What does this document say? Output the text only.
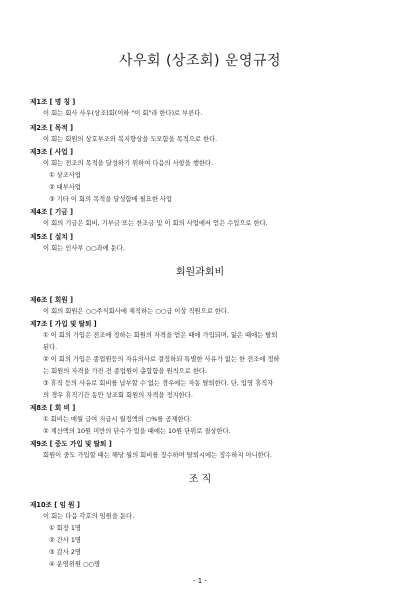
사우회 (상조회) 운영규정
제1조 [ 명 칭 ]
이 회는 회사 사우(상조)회(이하 "이 회"라 한다)로 부른다.
제2조 [ 목적 ]
이 회는 회원의 상호부조와 복지향상을 도모함을 목적으로 한다.
제3조 [ 사업 ]
이 회는 전조의 목적을 달성하기 위하여 다음의 사항을 행한다.
① 상조사업
② 대부사업
③ 기타 이 회의 목적을 달성함에 필요한 사업
제4조 [ 기금 ]
이 회의 기금은 회비, 기부금 또는 찬조금 및 이 회의 사업에서 얻은 수입으로 한다.
제5조 [ 설치 ]
이 회는 인사부 ○○과에 둔다.
회원과회비
제6조 [ 회원 ]
이 회의 회원은 ○○주식회사에 재직하는 ○○급 이상 직원으로 한다.
제7조 [ 가입 및 탈퇴 ]
① 이 회의 가입은 전조에 정하는 회원의 자격을 얻은 때에 가입되며, 잃은 때에는 탈퇴
된다.
② 이 회의 가입은 종업원등의 자유의사로 결정하되 특별한 사유가 없는 한 전조에 정하
는 회원의 자격을 가진 전 종업원이 총합함을 원칙으로 한다.
③ 휴직 등의 사유로 회비를 납부할 수 없는 경우에는 자동 탈퇴한다. 단, 입영 휴직자
의 경우 휴직기간 동안 상조회 회원의 자격을 정지한다.
제8조 [ 회 비 ]
① 회비는 매월 급여 지급시 월정액의 ○%를 공제한다.
② 계산액의 10원 미만의 단수가 있을 때에는 10원 단위로 절상한다.
제9조 [ 중도 가입 및 탈퇴 ]
회원이 중도 가입할 때는 해당 월의 회비를 징수하며 탈퇴시에는 징수하지 아니한다.
조 직
제10조 [ 임 원 ]
이 회는 다음 각호의 임원을 둔다.
① 회장 1명
② 간사 1명
③ 감사 2명
④ 운영위원 ○○명
- 1 -
